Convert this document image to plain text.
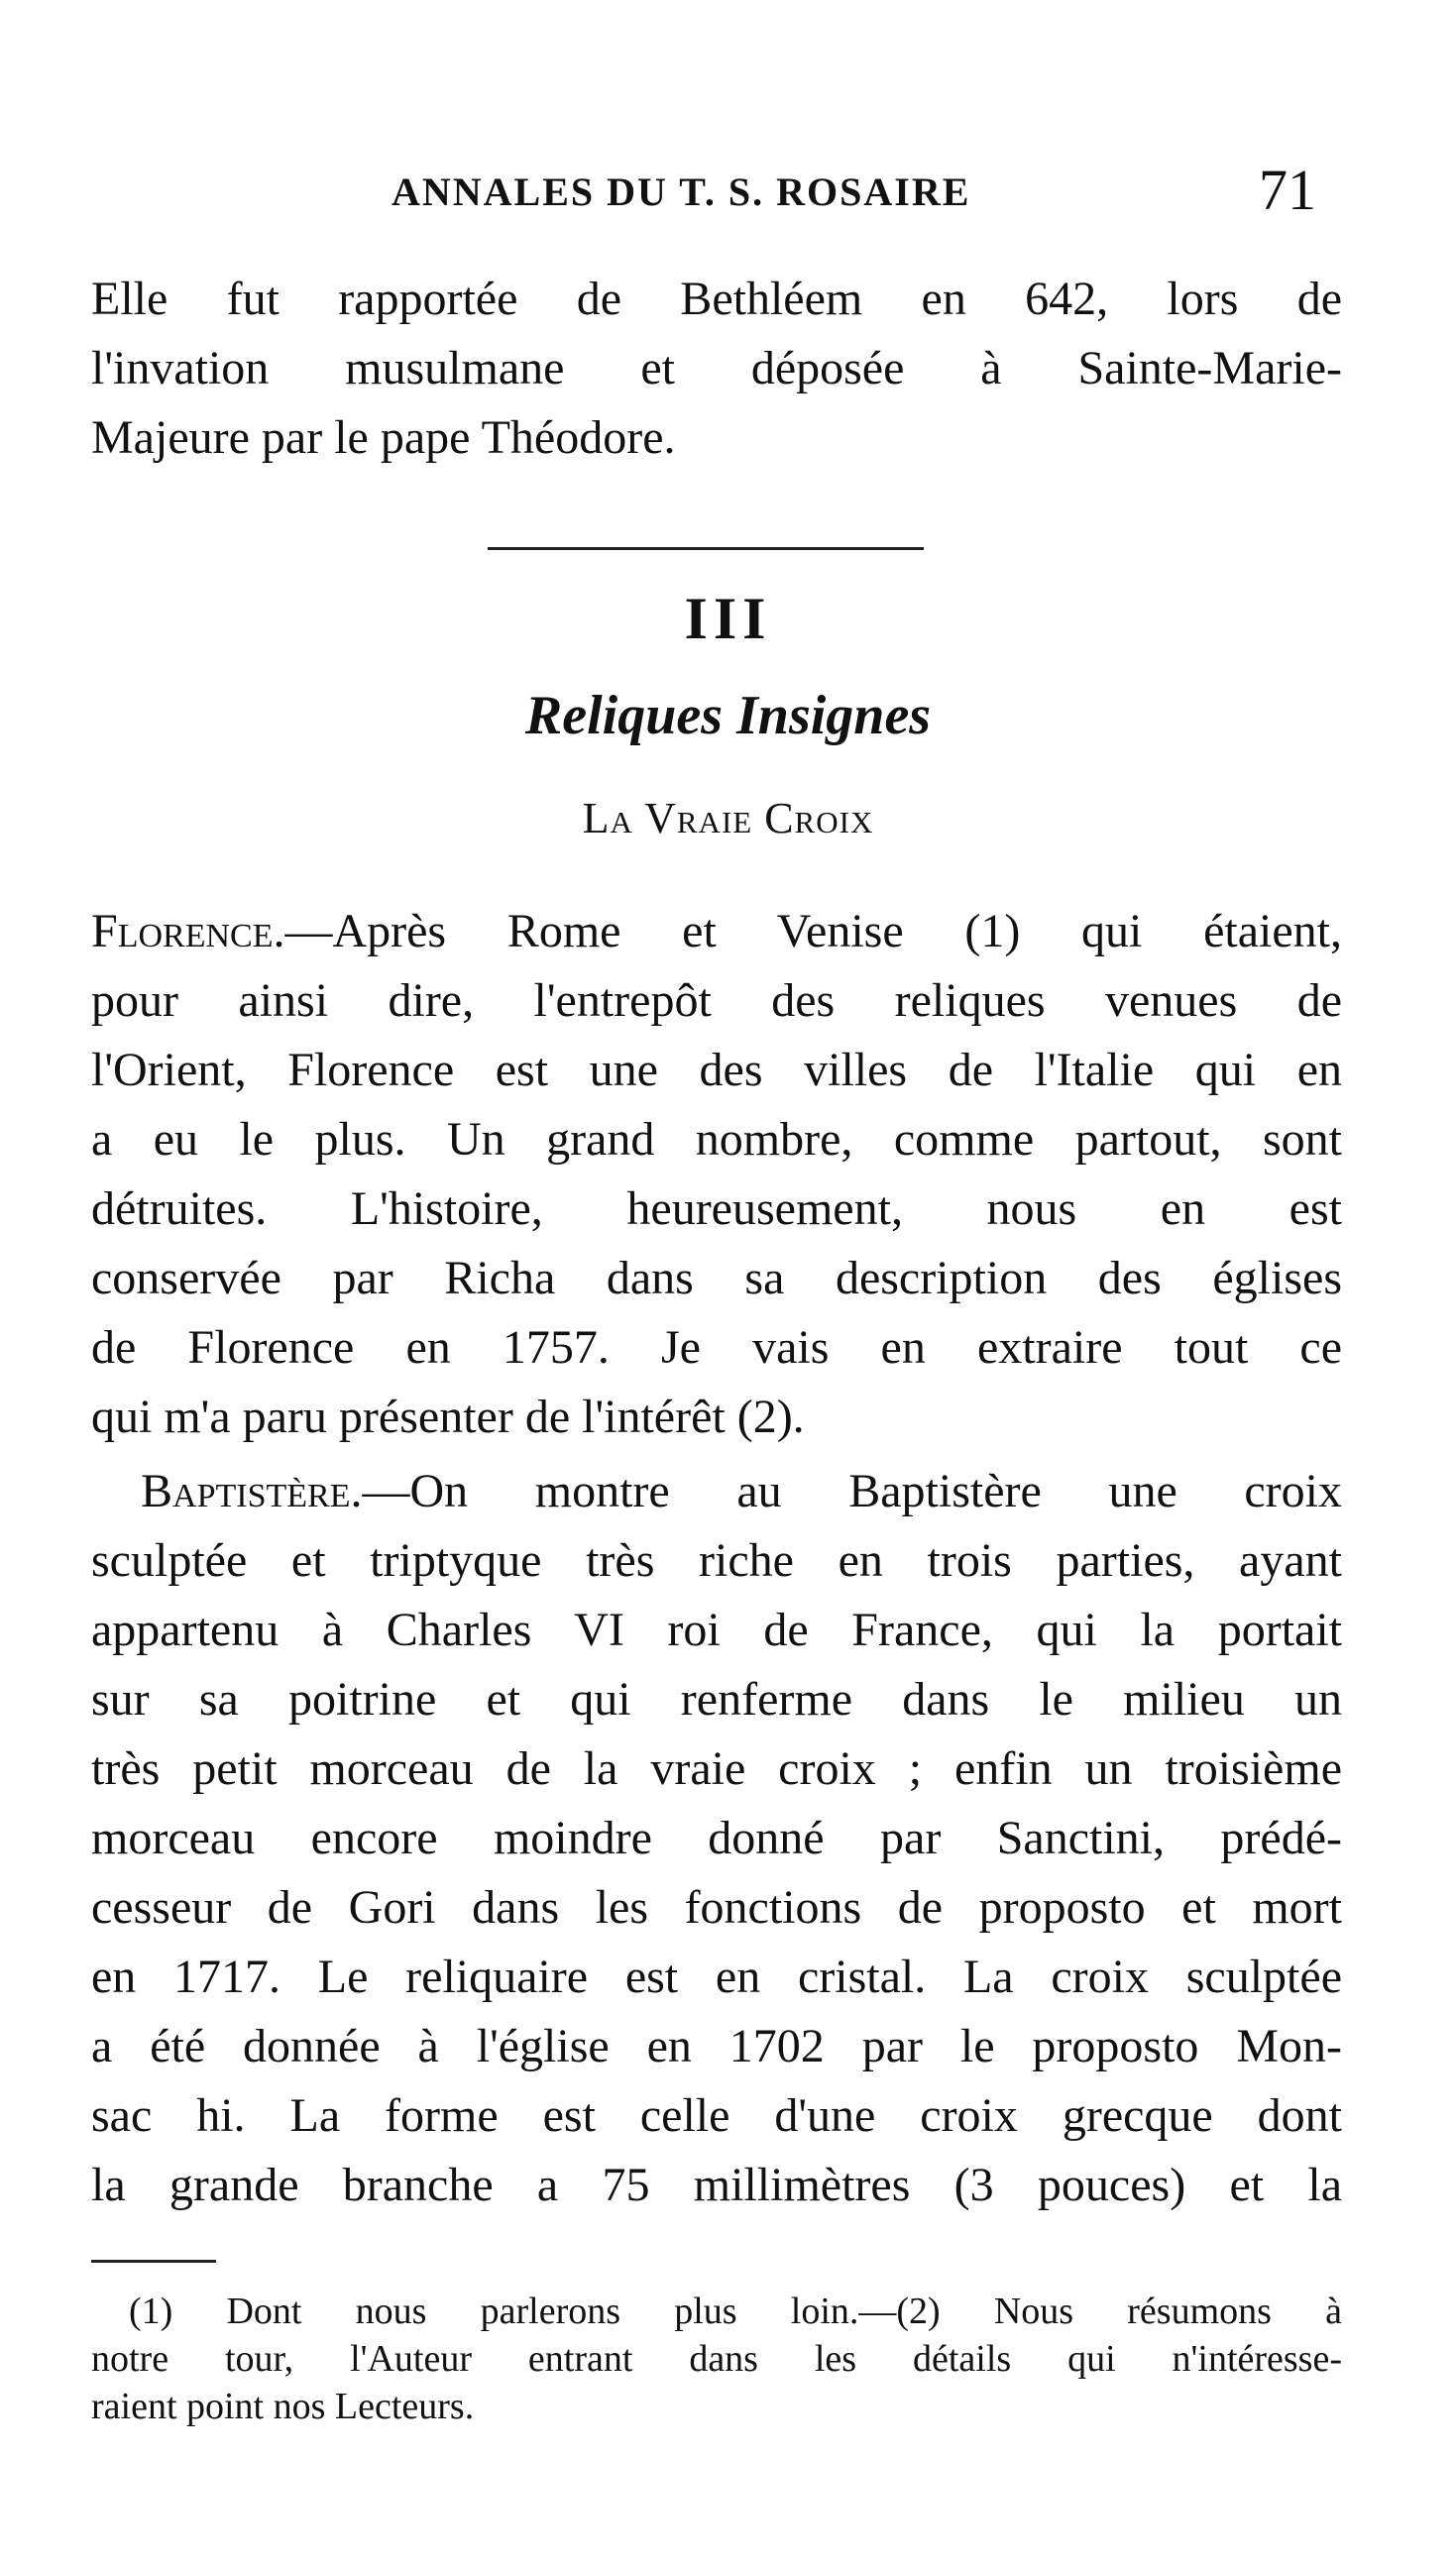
ANNALES DU T. S. ROSAIRE	71
Elle fut rapportée de Bethléem en 642, lors de
l'invation musulmane et déposée à Sainte-Marie-
Majeure par le pape Théodore.
III
Reliques Insignes
La Vraie Croix
Florence.—Après Rome et Venise (1) qui étaient,
pour ainsi dire, l'entrepôt des reliques venues de
l'Orient, Florence est une des villes de l'Italie qui en
a eu le plus. Un grand nombre, comme partout, sont
détruites. L'histoire, heureusement, nous en est
conservée par Richa dans sa description des églises
de Florence en 1757. Je vais en extraire tout ce
qui m'a paru présenter de l'intérêt (2).
Baptistère.—On montre au Baptistère une croix
sculptée et triptyque très riche en trois parties, ayant
appartenu à Charles VI roi de France, qui la portait
sur sa poitrine et qui renferme dans le milieu un
très petit morceau de la vraie croix ; enfin un troisième
morceau encore moindre donné par Sanctini, prédé-
cesseur de Gori dans les fonctions de proposto et mort
en 1717. Le reliquaire est en cristal. La croix sculptée
a été donnée à l'église en 1702 par le proposto Mon-
sac hi. La forme est celle d'une croix grecque dont
la grande branche a 75 millimètres (3 pouces) et la
(1) Dont nous parlerons plus loin.—(2) Nous résumons à
notre tour, l'Auteur entrant dans les détails qui n'intéresse-
raient point nos Lecteurs.
